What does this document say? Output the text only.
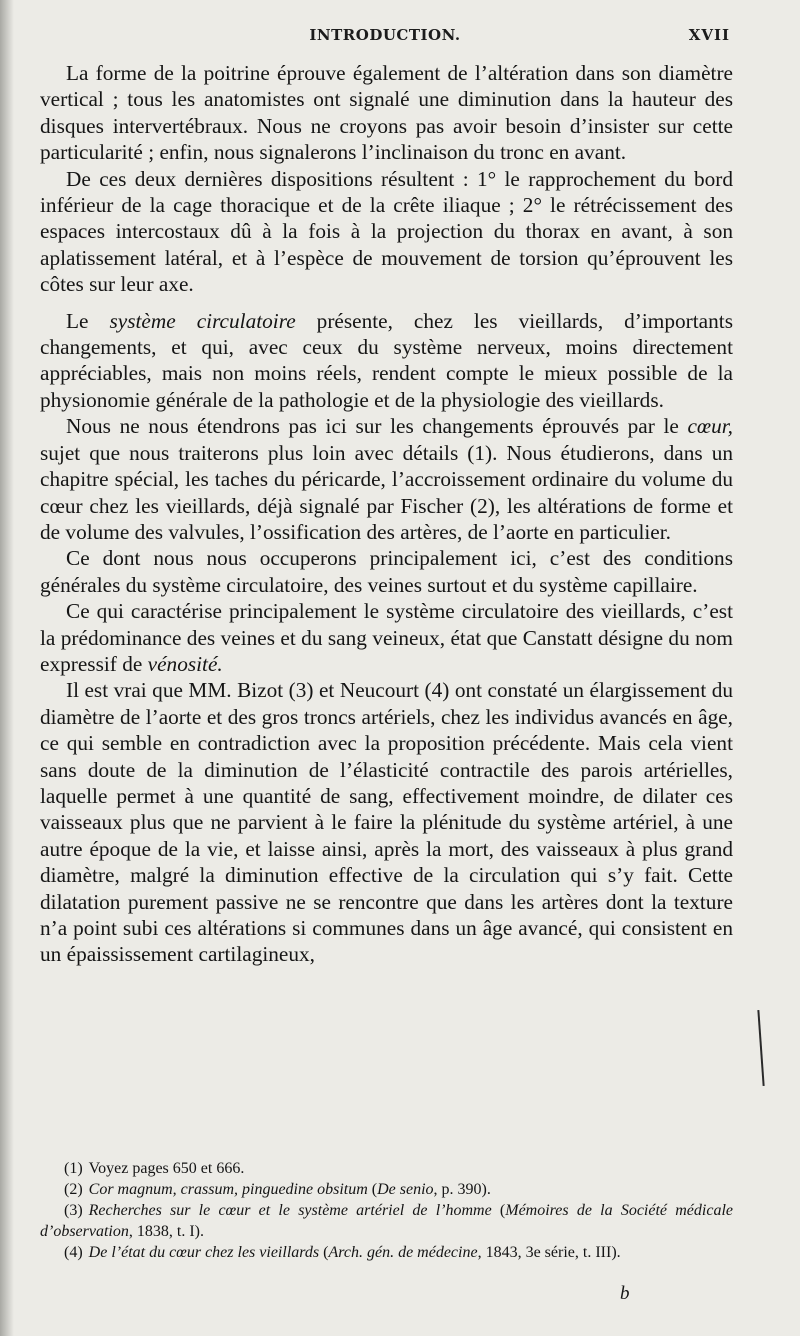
INTRODUCTION.	XVII

La forme de la poitrine éprouve également de l’altération dans son diamètre vertical ; tous les anatomistes ont signalé une diminution dans la hauteur des disques intervertébraux. Nous ne croyons pas avoir besoin d’insister sur cette particularité ; enfin, nous signalerons l’inclinaison du tronc en avant.

De ces deux dernières dispositions résultent : 1° le rapprochement du bord inférieur de la cage thoracique et de la crête iliaque ; 2° le rétrécissement des espaces intercostaux dû à la fois à la projection du thorax en avant, à son aplatissement latéral, et à l’espèce de mouvement de torsion qu’éprouvent les côtes sur leur axe.

Le système circulatoire présente, chez les vieillards, d’importants changements, et qui, avec ceux du système nerveux, moins directement appréciables, mais non moins réels, rendent compte le mieux possible de la physionomie générale de la pathologie et de la physiologie des vieillards.

Nous ne nous étendrons pas ici sur les changements éprouvés par le cœur, sujet que nous traiterons plus loin avec détails (1). Nous étudierons, dans un chapitre spécial, les taches du péricarde, l’accroissement ordinaire du volume du cœur chez les vieillards, déjà signalé par Fischer (2), les altérations de forme et de volume des valvules, l’ossification des artères, de l’aorte en particulier.

Ce dont nous nous occuperons principalement ici, c’est des conditions générales du système circulatoire, des veines surtout et du système capillaire.

Ce qui caractérise principalement le système circulatoire des vieillards, c’est la prédominance des veines et du sang veineux, état que Canstatt désigne du nom expressif de vénosité.

Il est vrai que MM. Bizot (3) et Neucourt (4) ont constaté un élargissement du diamètre de l’aorte et des gros troncs artériels, chez les individus avancés en âge, ce qui semble en contradiction avec la proposition précédente. Mais cela vient sans doute de la diminution de l’élasticité contractile des parois artérielles, laquelle permet à une quantité de sang, effectivement moindre, de dilater ces vaisseaux plus que ne parvient à le faire la plénitude du système artériel, à une autre époque de la vie, et laisse ainsi, après la mort, des vaisseaux à plus grand diamètre, malgré la diminution effective de la circulation qui s’y fait. Cette dilatation purement passive ne se rencontre que dans les artères dont la texture n’a point subi ces altérations si communes dans un âge avancé, qui consistent en un épaississement cartilagineux,

(1) Voyez pages 650 et 666.
(2) Cor magnum, crassum, pinguedine obsitum (De senio, p. 390).
(3) Recherches sur le cœur et le système artériel de l’homme (Mémoires de la Société médicale d’observation, 1838, t. I).
(4) De l’état du cœur chez les vieillards (Arch. gén. de médecine, 1843, 3e série, t. III).
b
